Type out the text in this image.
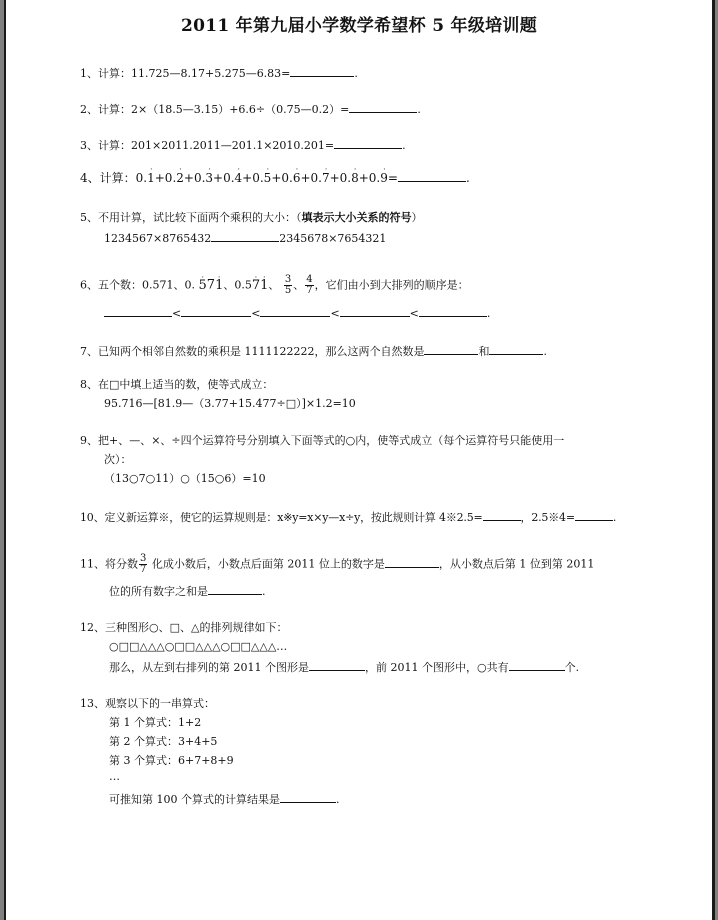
2011 年第九届小学数学希望杯 5 年级培训题
1、计算：11.725—8.17+5.275—6.83=	.
2、计算：2×（18.5—3.15）+6.6÷（0.75—0.2）=	.
3、计算：201×2011.2011—201.1×2010.201=	.
4、计算：0.1 ·+0.2 ·+0.3 ·+0.4 ·+0.5 ·+0.6 ·+0.7 ·+0.8 ·+0.9 ·=	.
5、不用计算，试比较下面两个乘积的大小：（填表示大小关系的符号）
1234567×8765432	2345678×7654321
6、五个数：0.571、0. · 57· 1、0.5· 7· 1、 $\frac{3}{5}$ 、 $\frac{4}{7}$ ，它们由小到大排列的顺序是：
<	<	<	<	.
7、已知两个相邻自然数的乘积是 1111122222，那么这两个自然数是	和	.
8、在□中填上适当的数，使等式成立：
95.716—[81.9—（3.77+15.477÷□）]×1.2=10
9、把+、—、×、÷四个运算符号分别填入下面等式的○内，使等式成立（每个运算符号只能使用一
次）：
（13○7○11）○（15○6）=10
10、定义新运算※，使它的运算规则是：x※y=x×y—x÷y，按此规则计算 4※2.5=	，2.5※4=	.
11、将分数 $\frac{3}{7}$ 化成小数后，小数点后面第 2011 位上的数字是	，从小数点后第 1 位到第 2011
位的所有数字之和是	.
12、三种图形○、□、△的排列规律如下：
○□□△△△○□□△△△○□□△△△…
那么，从左到右排列的第 2011 个图形是	，前 2011 个图形中，○共有	个.
13、观察以下的一串算式：
第 1 个算式：1+2
第 2 个算式：3+4+5
第 3 个算式：6+7+8+9
…
可推知第 100 个算式的计算结果是	.
